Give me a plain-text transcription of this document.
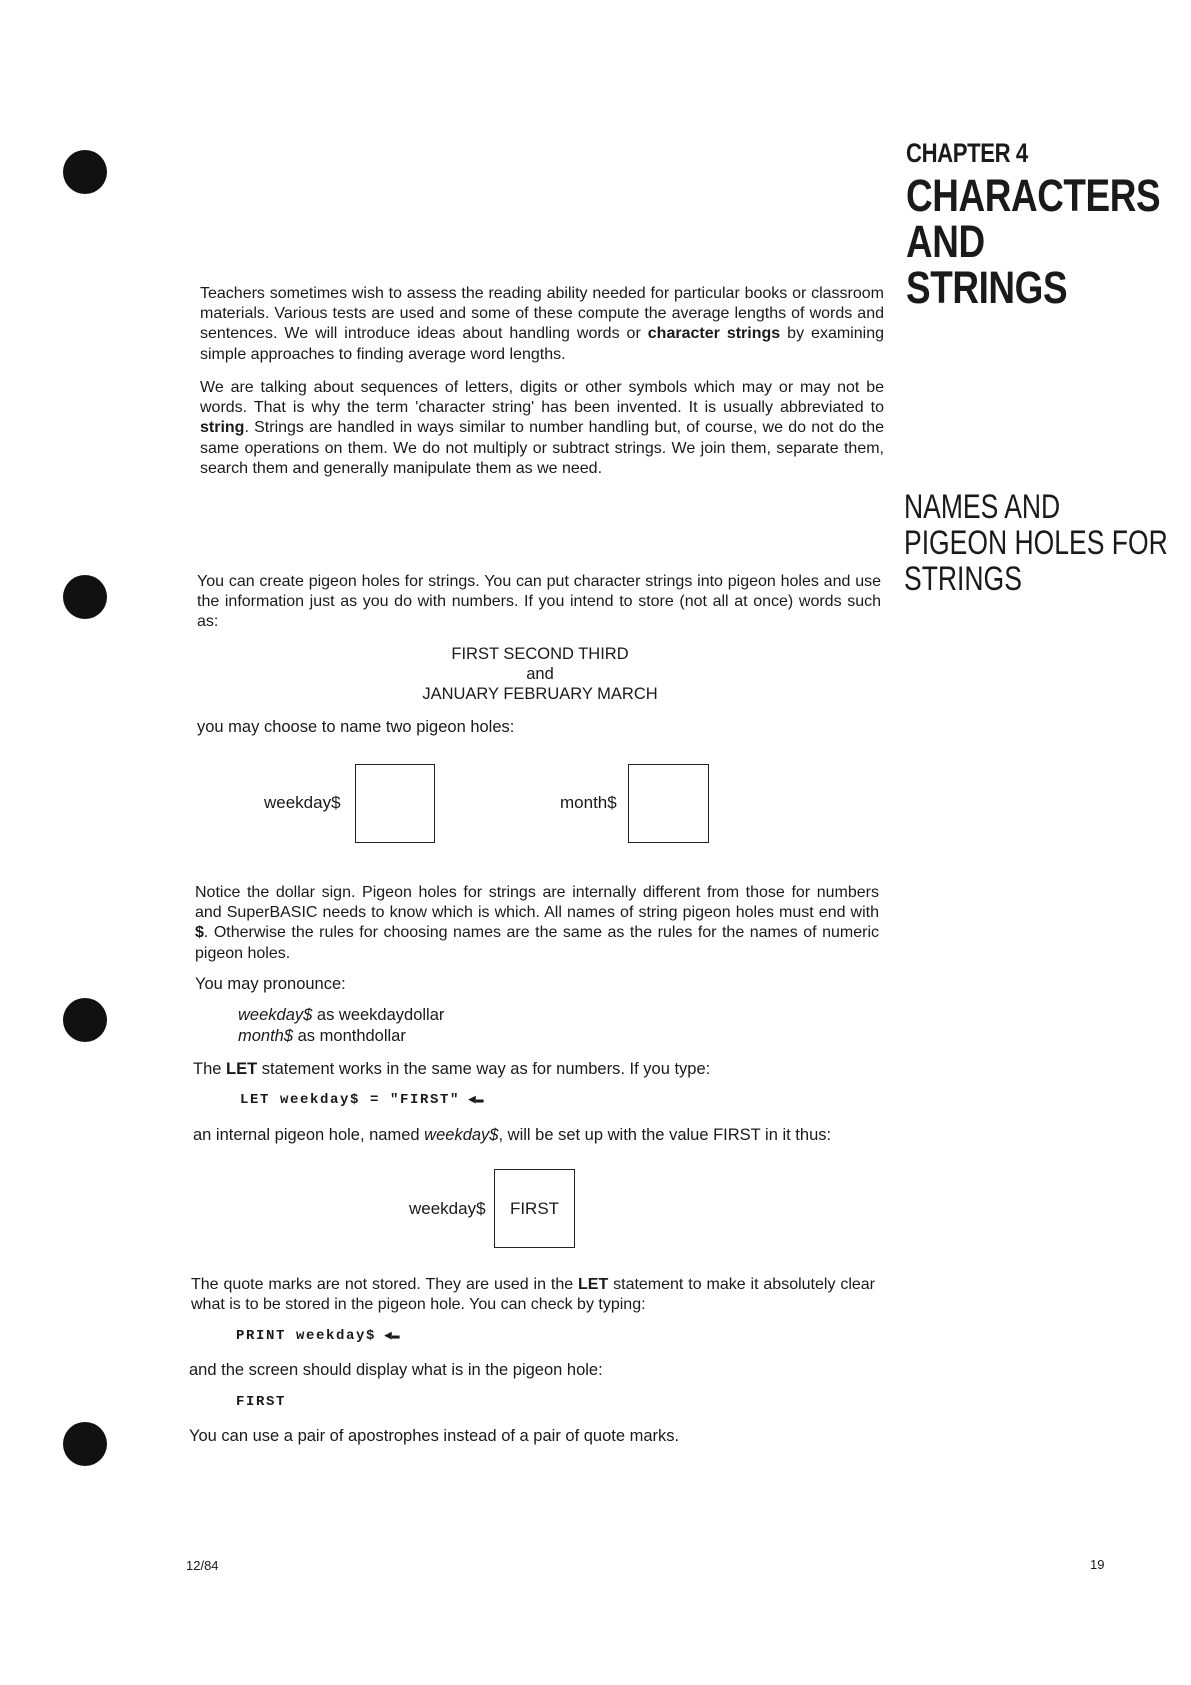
CHAPTER 4
CHARACTERS
AND
STRINGS
Teachers sometimes wish to assess the reading ability needed for particular books or classroom materials. Various tests are used and some of these compute the average lengths of words and sentences. We will introduce ideas about handling words or character strings by examining simple approaches to finding average word lengths.
We are talking about sequences of letters, digits or other symbols which may or may not be words. That is why the term 'character string' has been invented. It is usually abbreviated to string. Strings are handled in ways similar to number handling but, of course, we do not do the same operations on them. We do not multiply or subtract strings. We join them, separate them, search them and generally manipulate them as we need.
NAMES AND
PIGEON HOLES FOR
STRINGS
You can create pigeon holes for strings. You can put character strings into pigeon holes and use the information just as you do with numbers. If you intend to store (not all at once) words such as:
FIRST SECOND THIRD
and
JANUARY FEBRUARY MARCH
you may choose to name two pigeon holes:
weekday$	month$
Notice the dollar sign. Pigeon holes for strings are internally different from those for numbers and SuperBASIC needs to know which is which. All names of string pigeon holes must end with $. Otherwise the rules for choosing names are the same as the rules for the names of numeric pigeon holes.
You may pronounce:
weekday$ as weekdaydollar
month$ as monthdollar
The LET statement works in the same way as for numbers. If you type:
LET weekday$ = "FIRST" ◀▬
an internal pigeon hole, named weekday$, will be set up with the value FIRST in it thus:
weekday$	FIRST
The quote marks are not stored. They are used in the LET statement to make it absolutely clear what is to be stored in the pigeon hole. You can check by typing:
PRINT weekday$ ◀▬
and the screen should display what is in the pigeon hole:
FIRST
You can use a pair of apostrophes instead of a pair of quote marks.
12/84	19
